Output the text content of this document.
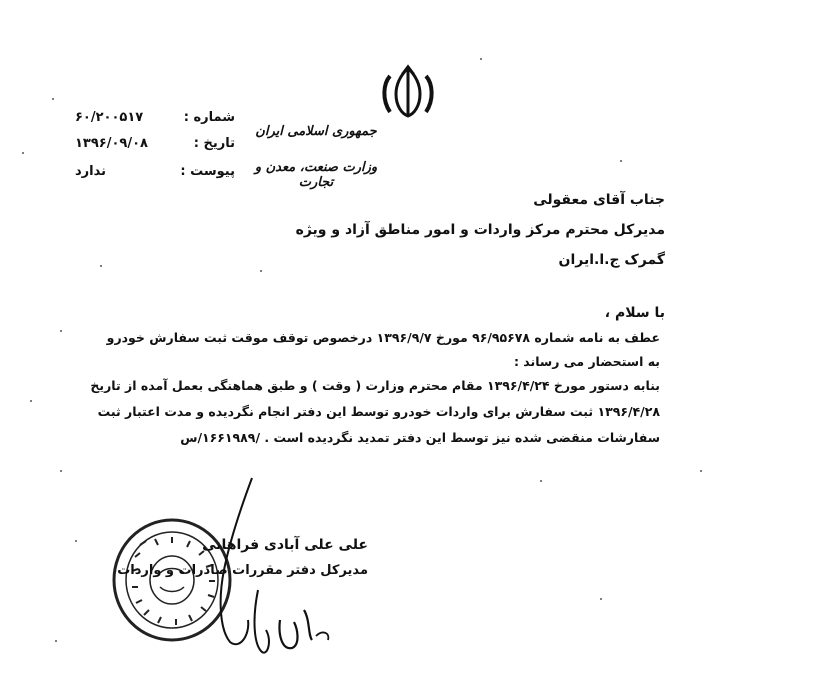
جمهوری اسلامی ایران
وزارت صنعت، معدن و تجارت
شماره :
۶۰/۲۰۰۵۱۷
تاریخ :
۱۳۹۶/۰۹/۰۸
پیوست :
ندارد
جناب آقای معقولی
مدیرکل محترم مرکز واردات و امور مناطق آزاد و ویژه
گمرک ج.ا.ایران
با سلام ،
عطف به نامه شماره ۹۶/۹۵۶۷۸ مورخ ۱۳۹۶/۹/۷ درخصوص توقف موقت ثبت سفارش خودرو
به استحضار می رساند :
بنابه دستور مورخ ۱۳۹۶/۴/۲۴ مقام محترم وزارت ( وقت ) و طبق هماهنگی بعمل آمده از تاریخ
۱۳۹۶/۴/۲۸ ثبت سفارش برای واردات خودرو توسط این دفتر انجام نگردیده و مدت اعتبار ثبت
سفارشات منقضی شده نیز توسط این دفتر تمدید نگردیده است . /۱۶۶۱۹۸۹/س
علی علی آبادی فراهانی
مدیرکل دفتر مقررات صادرات و واردات
